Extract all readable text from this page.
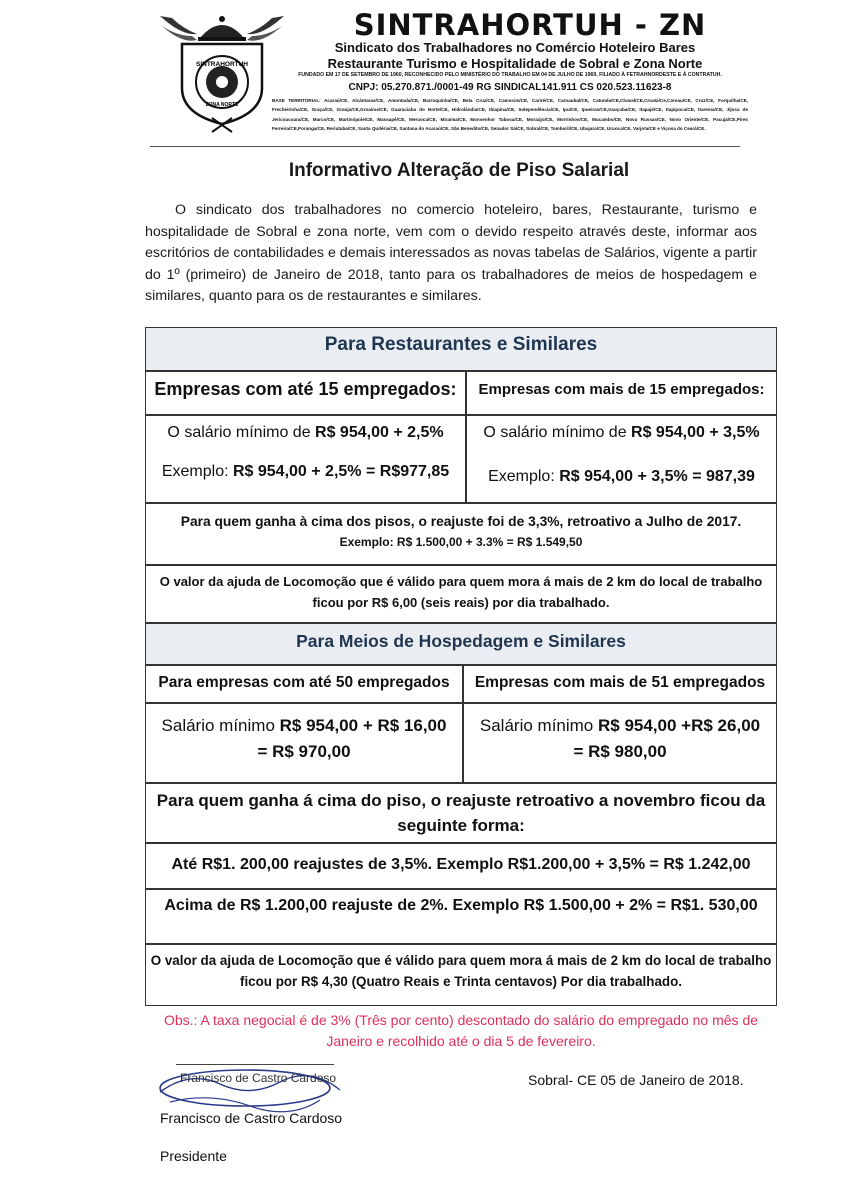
SINTRAHORTUH
ZONA NORTE
SINTRAHORTUH - ZN
Sindicato dos Trabalhadores no Comércio Hoteleiro Bares
Restaurante Turismo e Hospitalidade de Sobral e Zona Norte
FUNDADO EM 17 DE SETEMBRO DE 1960, RECONHECIDO PELO MINISTÉRIO DO TRABALHO EM 04 DE JULHO DE 1969, FILIADO À FETRAHNORDESTE E À CONTRATUH.
CNPJ: 05.270.871./0001-49 RG SINDICAL141.911 CS 020.523.11623-8
BASE TERRITORIAL: Acaraú/CE, Alcântaras/CE, Amontada/CE, Barroquinha/CE, Bela Cruz/CE, Camocim/CE, Cariré/CE, Carnaubal/CE, Catunda/CE,Chaval/CE,Croatá/Ce,Coreau/CE, Cruz/CE, Forquilha/CE, Frecheirinha/CE, Graça/CE, Granja/CE,Groaíras/CE, Guaraciaba do Norte/CE, Hidrolândia/CE, Ibiapina/CE, Independência/CE, Ipu/CE, Ipueiras/CE,Irauçuba/CE, Itapajé/CE, Itapipoca/CE, Itarema/CE, Jijoca de Jericoacoara/CE, Marco/CE, Martinópole/CE, Massapê/CE, Meruoca/CE, Miraíma/CE, Monsenhor Tabosa/CE, Moraújo/CE, Morrinhos/CE, Mucambo/CE, Nova Russas/CE, Novo Oriente/CE, Pacujá/CE,Pires Ferreira/CE,Poranga/CE, Reriutaba/CE, Santa Quitéria/CE, Santana do Acaraú/CE, São Benedito/CE, Senador Sá/CE, Sobral/CE, Tamboril/CE, Ubajara/CE, Uruoca/CE, Varjota/CE e Viçosa do Ceará/CE.
Informativo Alteração de Piso Salarial
O sindicato dos trabalhadores no comercio hoteleiro, bares, Restaurante, turismo e hospitalidade de Sobral e zona norte, vem com o devido respeito através deste, informar aos escritórios de contabilidades e demais interessados as novas tabelas de Salários, vigente a partir do 1º (primeiro) de Janeiro de 2018, tanto para os trabalhadores de meios de hospedagem e similares, quanto para os de restaurantes e similares.
Para Restaurantes e Similares
Empresas com até 15 empregados:	Empresas com mais de 15 empregados:
O salário mínimo de R$ 954,00 + 2,5%
Exemplo: R$ 954,00 + 2,5% = R$977,85
O salário mínimo de R$ 954,00 + 3,5%
Exemplo: R$ 954,00 + 3,5% = 987,39
Para quem ganha à cima dos pisos, o reajuste foi de 3,3%, retroativo a Julho de 2017.
Exemplo: R$ 1.500,00 + 3.3% = R$ 1.549,50
O valor da ajuda de Locomoção que é válido para quem mora á mais de 2 km do local de trabalho ficou por R$ 6,00 (seis reais) por dia trabalhado.
Para Meios de Hospedagem e Similares
Para empresas com até 50 empregados	Empresas com mais de 51 empregados
Salário mínimo R$ 954,00 + R$ 16,00
= R$ 970,00
Salário mínimo R$ 954,00 +R$ 26,00
= R$ 980,00
Para quem ganha á cima do piso, o reajuste retroativo a novembro ficou da seguinte forma:
Até R$1. 200,00 reajustes de 3,5%. Exemplo R$1.200,00 + 3,5% = R$ 1.242,00
Acima de R$ 1.200,00 reajuste de 2%. Exemplo R$ 1.500,00 + 2% = R$1. 530,00
O valor da ajuda de Locomoção que é válido para quem mora á mais de 2 km do local de trabalho ficou por R$ 4,30 (Quatro Reais e Trinta centavos) Por dia trabalhado.
Obs.: A taxa negocial é de 3% (Três por cento) descontado do salário do empregado no mês de Janeiro e recolhido até o dia 5 de fevereiro.
Francisco de Castro Cardoso
Francisco de Castro Cardoso
Presidente
Sobral- CE 05 de Janeiro de 2018.
